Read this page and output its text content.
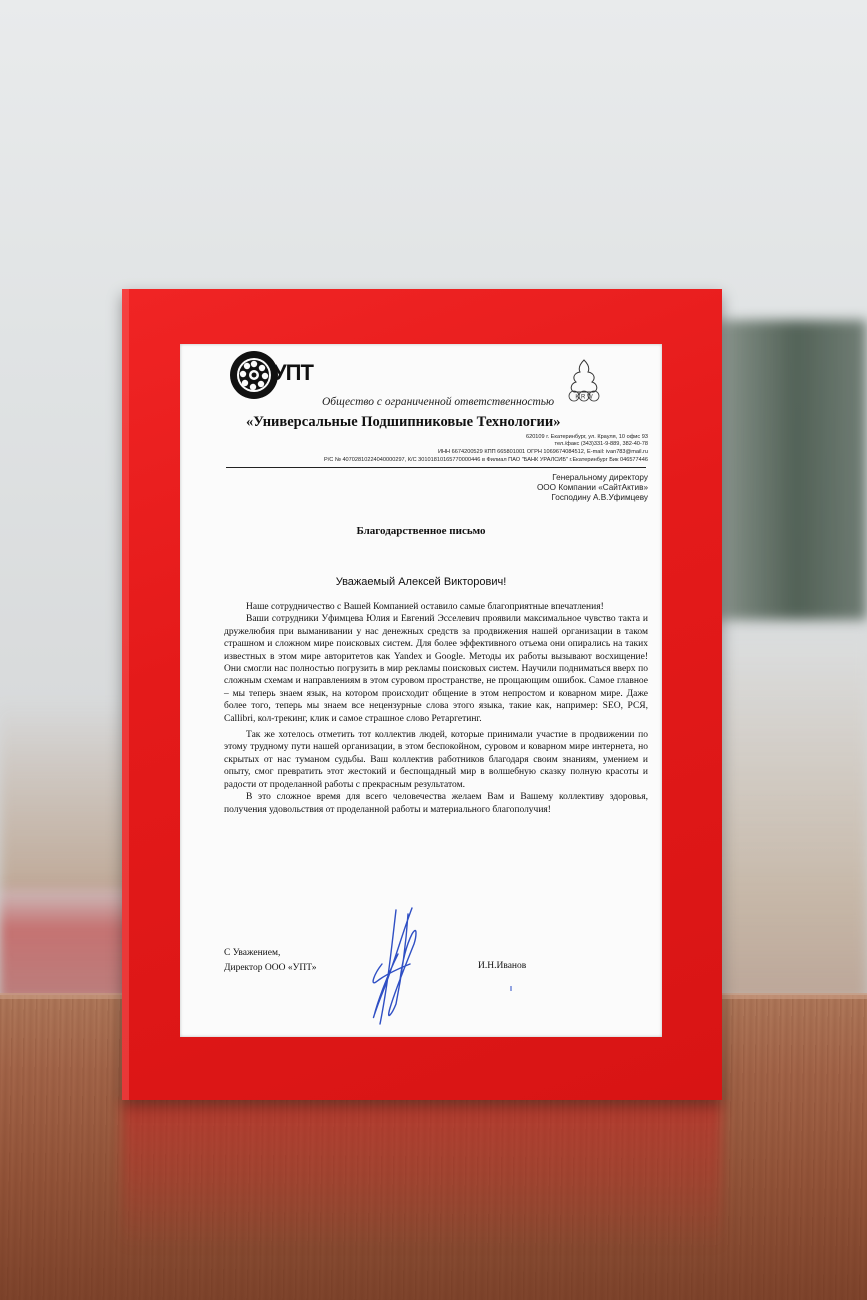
УПТ
Общество с ограниченной ответственностью
«Универсальные Подшипниковые Технологии»
K R W
620109 г. Екатеринбург, ул. Крауля, 10 офис 93
тел./факс (343)331-9-889, 382-40-78
ИНН 6674200529 КПП 665801001 ОГРН 1069674084512, E-mail: ivan783@mail.ru
Р/С № 40702810224040000297, К/С 30101810165770000446 в Филиал ПАО "БАНК УРАЛСИБ" г.Екатеринбург Бик 046577446
Генеральному директору
ООО Компании «СайтАктив»
Господину А.В.Уфимцеву
Благодарственное письмо
Уважаемый Алексей Викторович!

Наше сотрудничество с Вашей Компанией оставило самые благоприятные впечатления!

Ваши сотрудники Уфимцева Юлия и Евгений Эсселевич проявили максимальное чувство такта и дружелюбия при выманивании у нас денежных средств за продвижения нашей организации в таком страшном и сложном мире поисковых систем. Для более эффективного отъема они опирались на таких известных в этом мире авторитетов как Yandex и Google. Методы их работы вызывают восхищение! Они смогли нас полностью погрузить в мир рекламы поисковых систем. Научили подниматься вверх по сложным схемам и направлениям в этом суровом пространстве, не прощающим ошибок. Самое главное – мы теперь знаем язык, на котором происходит общение в этом непростом и коварном мире. Даже более того, теперь мы знаем все нецензурные слова этого языка, такие как, например: SEO, РСЯ, Callibri, кол-трекинг, клик и самое страшное слово Ретаргетинг.

Так же хотелось отметить тот коллектив людей, которые принимали участие в продвижении по этому трудному пути нашей организации, в этом беспокойном, суровом и коварном мире интернета, но скрытых от нас туманом судьбы. Ваш коллектив работников благодаря своим знаниям, умением и опыту, смог превратить этот жестокий и беспощадный мир в волшебную сказку полную красоты и радости от проделанной работы с прекрасным результатом.

В это сложное время для всего человечества желаем Вам и Вашему коллективу здоровья, получения удовольствия от проделанной работы и материального благополучия!

С Уважением,
Директор ООО «УПТ»	И.Н.Иванов
